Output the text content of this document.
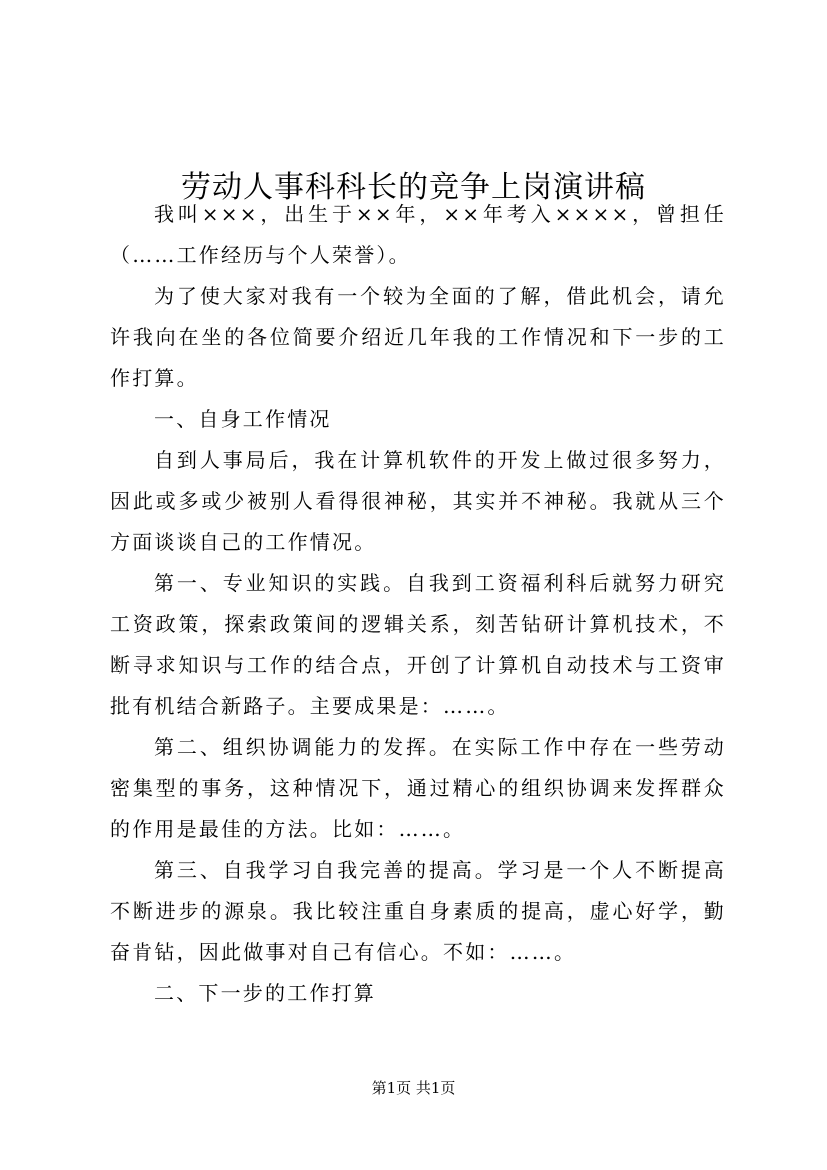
劳动人事科科长的竞争上岗演讲稿

我叫×××，出生于××年，××年考入××××，曾担任（……工作经历与个人荣誉）。

为了使大家对我有一个较为全面的了解，借此机会，请允许我向在坐的各位简要介绍近几年我的工作情况和下一步的工作打算。

一、自身工作情况

自到人事局后，我在计算机软件的开发上做过很多努力，因此或多或少被别人看得很神秘，其实并不神秘。我就从三个方面谈谈自己的工作情况。

第一、专业知识的实践。自我到工资福利科后就努力研究工资政策，探索政策间的逻辑关系，刻苦钻研计算机技术，不断寻求知识与工作的结合点，开创了计算机自动技术与工资审批有机结合新路子。主要成果是：……。

第二、组织协调能力的发挥。在实际工作中存在一些劳动密集型的事务，这种情况下，通过精心的组织协调来发挥群众的作用是最佳的方法。比如：……。

第三、自我学习自我完善的提高。学习是一个人不断提高不断进步的源泉。我比较注重自身素质的提高，虚心好学，勤奋肯钻，因此做事对自己有信心。不如：……。

二、下一步的工作打算

第1页 共1页
